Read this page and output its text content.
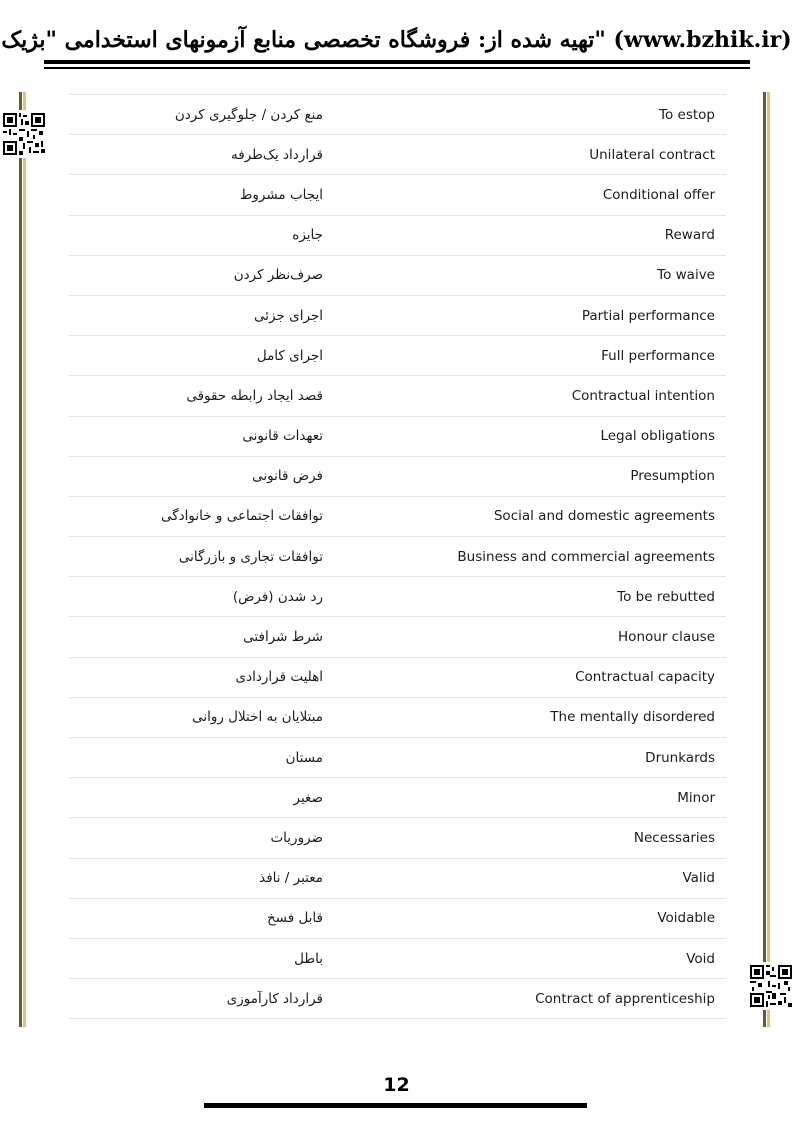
تهیه شده از: فروشگاه تخصصی منابع آزمونهای استخدامی "بژیک" (www.bzhik.ir)
منع کردن / جلوگیری کردن	To estop
قرارداد یک‌طرفه	Unilateral contract
ایجاب مشروط	Conditional offer
جایزه	Reward
صرف‌نظر کردن	To waive
اجرای جزئی	Partial performance
اجرای کامل	Full performance
قصد ایجاد رابطه حقوقی	Contractual intention
تعهدات قانونی	Legal obligations
فرض قانونی	Presumption
توافقات اجتماعی و خانوادگی	Social and domestic agreements
توافقات تجاری و بازرگانی	Business and commercial agreements
رد شدن (فرض)	To be rebutted
شرط شرافتی	Honour clause
اهلیت قراردادی	Contractual capacity
مبتلایان به اختلال روانی	The mentally disordered
مستان	Drunkards
صغیر	Minor
ضروریات	Necessaries
معتبر / نافذ	Valid
قابل فسخ	Voidable
باطل	Void
قرارداد کارآموزی	Contract of apprenticeship
12
